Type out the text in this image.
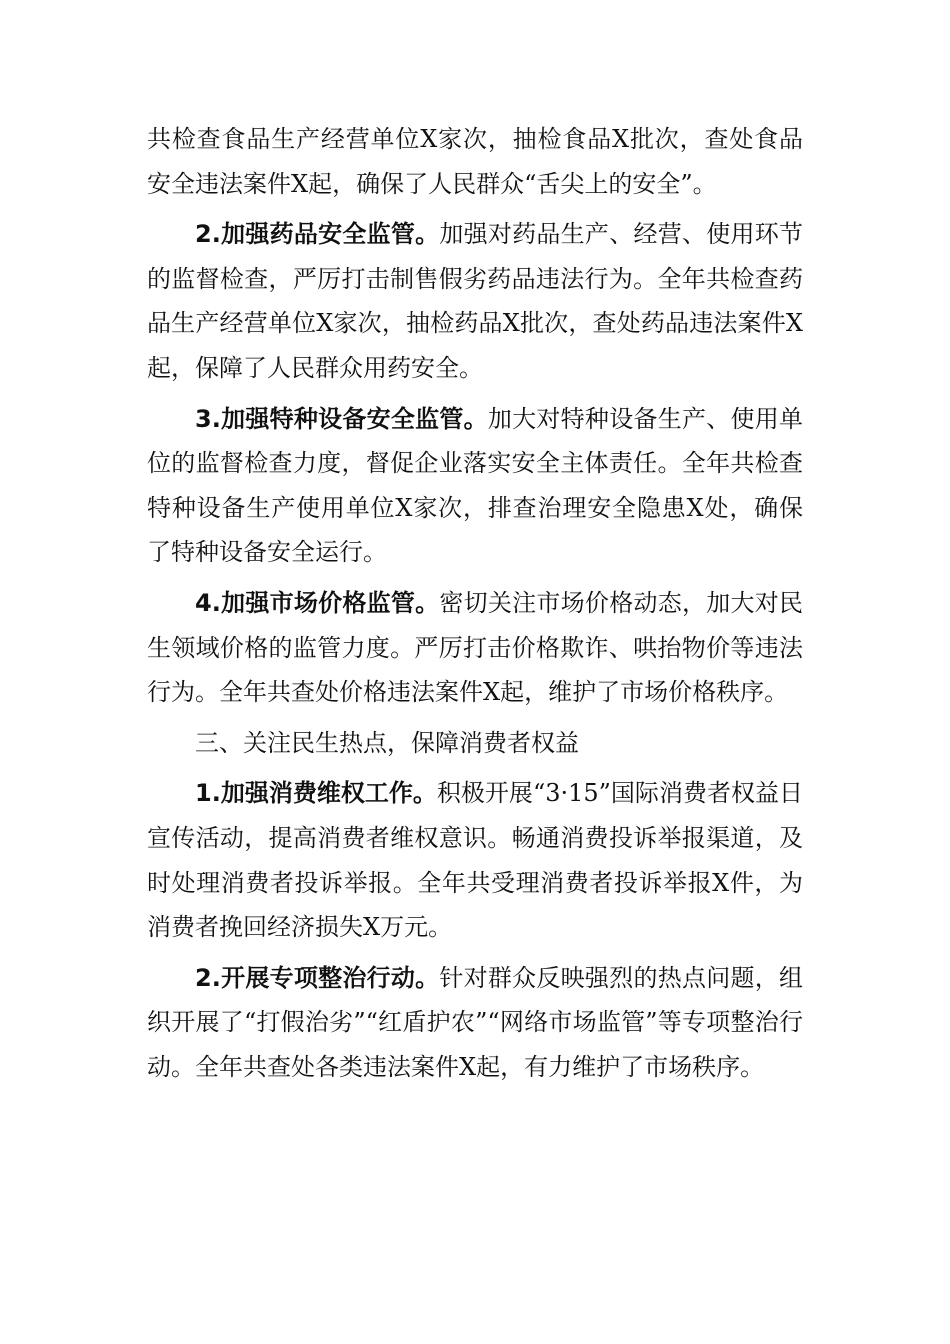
共检查食品生产经营单位X家次，抽检食品X批次，查处食品安全违法案件X起，确保了人民群众“舌尖上的安全”。

2.加强药品安全监管。加强对药品生产、经营、使用环节的监督检查，严厉打击制售假劣药品违法行为。全年共检查药品生产经营单位X家次，抽检药品X批次，查处药品违法案件X起，保障了人民群众用药安全。

3.加强特种设备安全监管。加大对特种设备生产、使用单位的监督检查力度，督促企业落实安全主体责任。全年共检查特种设备生产使用单位X家次，排查治理安全隐患X处，确保了特种设备安全运行。

4.加强市场价格监管。密切关注市场价格动态，加大对民生领域价格的监管力度。严厉打击价格欺诈、哄抬物价等违法行为。全年共查处价格违法案件X起，维护了市场价格秩序。

三、关注民生热点，保障消费者权益

1.加强消费维权工作。积极开展“3·15”国际消费者权益日宣传活动，提高消费者维权意识。畅通消费投诉举报渠道，及时处理消费者投诉举报。全年共受理消费者投诉举报X件，为消费者挽回经济损失X万元。

2.开展专项整治行动。针对群众反映强烈的热点问题，组织开展了“打假治劣”“红盾护农”“网络市场监管”等专项整治行动。全年共查处各类违法案件X起，有力维护了市场秩序。
